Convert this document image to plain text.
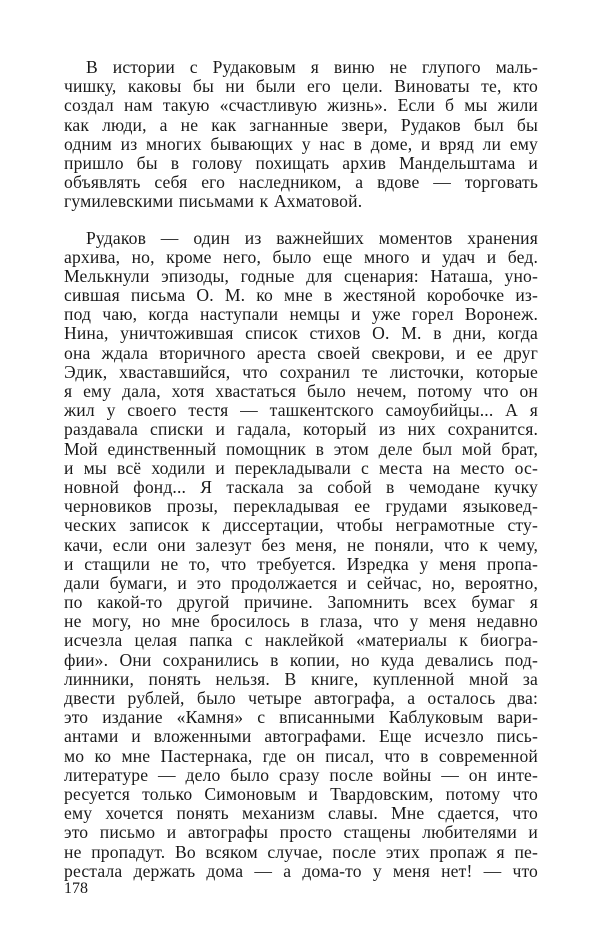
В истории с Рудаковым я виню не глупого маль-
чишку, каковы бы ни были его цели. Виноваты те, кто
создал нам такую «счастливую жизнь». Если б мы жили
как люди, а не как загнанные звери, Рудаков был бы
одним из многих бывающих у нас в доме, и вряд ли ему
пришло бы в голову похищать архив Мандельштама и
объявлять себя его наследником, а вдове — торговать
гумилевскими письмами к Ахматовой.
Рудаков — один из важнейших моментов хранения
архива, но, кроме него, было еще много и удач и бед.
Мелькнули эпизоды, годные для сценария: Наташа, уно-
сившая письма О. М. ко мне в жестяной коробочке из-
под чаю, когда наступали немцы и уже горел Воронеж.
Нина, уничтожившая список стихов О. М. в дни, когда
она ждала вторичного ареста своей свекрови, и ее друг
Эдик, хваставшийся, что сохранил те листочки, которые
я ему дала, хотя хвастаться было нечем, потому что он
жил у своего тестя — ташкентского самоубийцы... А я
раздавала списки и гадала, который из них сохранится.
Мой единственный помощник в этом деле был мой брат,
и мы всё ходили и перекладывали с места на место ос-
новной фонд... Я таскала за собой в чемодане кучку
черновиков прозы, перекладывая ее грудами языковед-
ческих записок к диссертации, чтобы неграмотные сту-
качи, если они залезут без меня, не поняли, что к чему,
и стащили не то, что требуется. Изредка у меня пропа-
дали бумаги, и это продолжается и сейчас, но, вероятно,
по какой-то другой причине. Запомнить всех бумаг я
не могу, но мне бросилось в глаза, что у меня недавно
исчезла целая папка с наклейкой «материалы к биогра-
фии». Они сохранились в копии, но куда девались под-
линники, понять нельзя. В книге, купленной мной за
двести рублей, было четыре автографа, а осталось два:
это издание «Камня» с вписанными Каблуковым вари-
антами и вложенными автографами. Еще исчезло пись-
мо ко мне Пастернака, где он писал, что в современной
литературе — дело было сразу после войны — он инте-
ресуется только Симоновым и Твардовским, потому что
ему хочется понять механизм славы. Мне сдается, что
это письмо и автографы просто стащены любителями и
не пропадут. Во всяком случае, после этих пропаж я пе-
рестала держать дома — а дома-то у меня нет! — что
178
